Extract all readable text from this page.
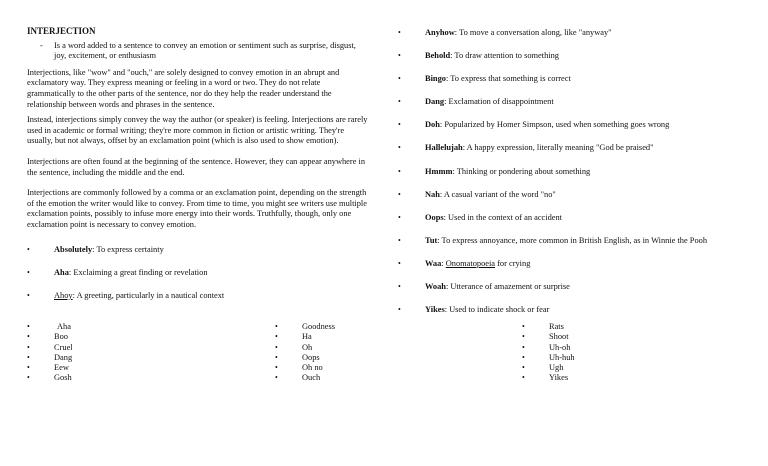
INTERJECTION
-	Is a word added to a sentence to convey an emotion or sentiment such as surprise, disgust, joy, excitement, or enthusiasm

Interjections, like "wow" and "ouch," are solely designed to convey emotion in an abrupt and exclamatory way. They express meaning or feeling in a word or two. They do not relate grammatically to the other parts of the sentence, nor do they help the reader understand the relationship between words and phrases in the sentence.

Instead, interjections simply convey the way the author (or speaker) is feeling. Interjections are rarely used in academic or formal writing; they're more common in fiction or artistic writing. They're usually, but not always, offset by an exclamation point (which is also used to show emotion).

Interjections are often found at the beginning of the sentence. However, they can appear anywhere in the sentence, including the middle and the end.

Interjections are commonly followed by a comma or an exclamation point, depending on the strength of the emotion the writer would like to convey. From time to time, you might see writers use multiple exclamation points, possibly to infuse more energy into their words. Truthfully, though, only one exclamation point is necessary to convey emotion.

•	Absolutely: To express certainty
•	Aha: Exclaiming a great finding or revelation
•	Ahoy: A greeting, particularly in a nautical context
•	Aha
•	Boo
•	Cruel
•	Dang
•	Eew
•	Gosh
•	Goodness
•	Ha
•	Oh
•	Oops
•	Oh no
•	Ouch
•	Anyhow: To move a conversation along, like "anyway"
•	Behold: To draw attention to something
•	Bingo: To express that something is correct
•	Dang: Exclamation of disappointment
•	Doh: Popularized by Homer Simpson, used when something goes wrong
•	Hallelujah: A happy expression, literally meaning "God be praised"
•	Hmmm: Thinking or pondering about something
•	Nah: A casual variant of the word "no"
•	Oops: Used in the context of an accident
•	Tut: To express annoyance, more common in British English, as in Winnie the Pooh
•	Waa: Onomatopoeia for crying
•	Woah: Utterance of amazement or surprise
•	Yikes: Used to indicate shock or fear
•	Rats
•	Shoot
•	Uh-oh
•	Uh-huh
•	Ugh
•	Yikes
